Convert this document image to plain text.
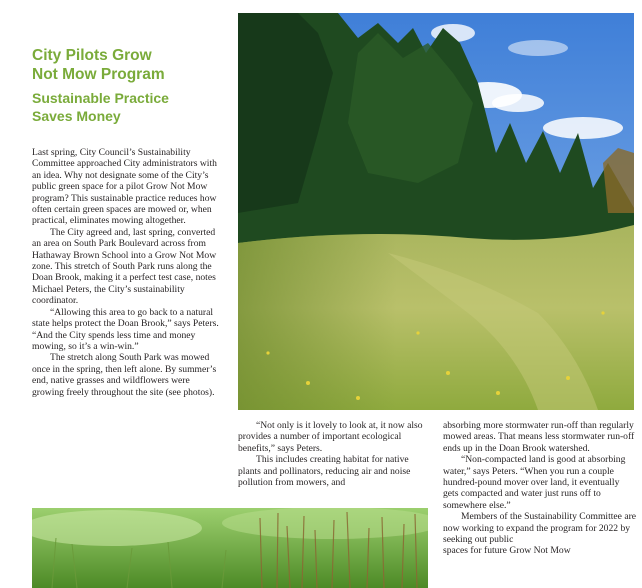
City Pilots Grow
Not Mow Program
Sustainable Practice
Saves Money

Last spring, City Council’s Sustainability Committee approached City administrators with an idea. Why not designate some of the City’s public green space for a pilot Grow Not Mow program? This sustainable practice reduces how often certain green spaces are mowed or, when practical, eliminates mowing altogether.

The City agreed and, last spring, converted an area on South Park Boulevard across from Hathaway Brown School into a Grow Not Mow zone. This stretch of South Park runs along the Doan Brook, making it a perfect test case, notes Michael Peters, the City’s sustainability coordinator.

“Allowing this area to go back to a natural state helps protect the Doan Brook,” says Peters. “And the City spends less time and money mowing, so it’s a win-win.”

The stretch along South Park was mowed once in the spring, then left alone. By summer’s end, native grasses and wildflowers were growing freely throughout the site (see photos).

“Not only is it lovely to look at, it now also provides a number of important ecological benefits,” says Peters.

This includes creating habitat for native plants and pollinators, reducing air and noise pollution from mowers, and

absorbing more stormwater run-off than regularly mowed areas. That means less stormwater run-off ends up in the Doan Brook watershed.

“Non-compacted land is good at absorbing water,” says Peters. “When you run a couple hundred-pound mover over land, it eventually gets compacted and water just runs off to somewhere else.”

Members of the Sustainability Committee are now working to expand the program for 2022 by seeking out public

spaces for future Grow Not Mow
